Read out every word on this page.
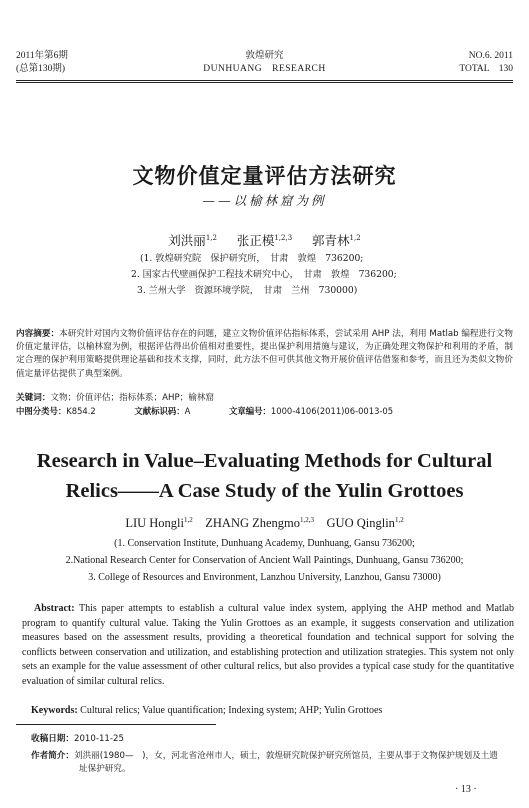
2011年第6期
(总第130期)
敦煌研究
DUNHUANG　RESEARCH
NO.6. 2011
TOTAL　130
文物价值定量评估方法研究
——以榆林窟为例
刘洪丽$^{1,2}$ 张正模$^{1,2,3}$ 郭青林$^{1,2}$
(1. 敦煌研究院　保护研究所，　甘肃　敦煌　736200;
2. 国家古代壁画保护工程技术研究中心，　甘肃　敦煌　736200;
3. 兰州大学　资源环境学院，　甘肃　兰州　730000)
内容摘要：本研究针对国内文物价值评估存在的问题，建立文物价值评估指标体系，尝试采用 AHP 法，利用 Matlab 编程进行文物价值定量评估，以榆林窟为例，根据评估得出价值相对重要性，提出保护利用措施与建议，为正确处理文物保护和利用的矛盾，制定合理的保护利用策略提供理论基础和技术支撑，同时，此方法不但可供其他文物开展价值评估借鉴和参考，而且还为类似文物价值定量评估提供了典型案例。
关键词：文物；价值评估；指标体系；AHP；榆林窟
中图分类号：K854.2	文献标识码：A	文章编号：1000-4106(2011)06-0013-05
Research in Value–Evaluating Methods for Cultural
Relics——A Case Study of the Yulin Grottoes
LIU Hongli$^{1,2}$ ZHANG Zhengmo$^{1,2,3}$ GUO Qinglin$^{1,2}$
(1. Conservation Institute, Dunhuang Academy, Dunhuang, Gansu 736200;
2.National Research Center for Conservation of Ancient Wall Paintings, Dunhuang, Gansu 736200;
3. College of Resources and Environment, Lanzhou University, Lanzhou, Gansu 73000)
Abstract: This paper attempts to establish a cultural value index system, applying the AHP method and Matlab program to quantify cultural value. Taking the Yulin Grottoes as an example, it suggests conservation and utilization measures based on the assessment results, providing a theoretical foundation and technical support for solving the conflicts between conservation and utilization, and establishing protection and utilization strategies. This system not only sets an example for the value assessment of other cultural relics, but also provides a typical case study for the quantitative evaluation of similar cultural relics.
Keywords: Cultural relics; Value quantification; Indexing system; AHP; Yulin Grottoes
收稿日期：2010-11-25
作者简介：刘洪丽(1980—　)，女，河北省沧州市人，硕士，敦煌研究院保护研究所馆员，主要从事于文物保护规划及土遗
址保护研究。
· 13 ·
